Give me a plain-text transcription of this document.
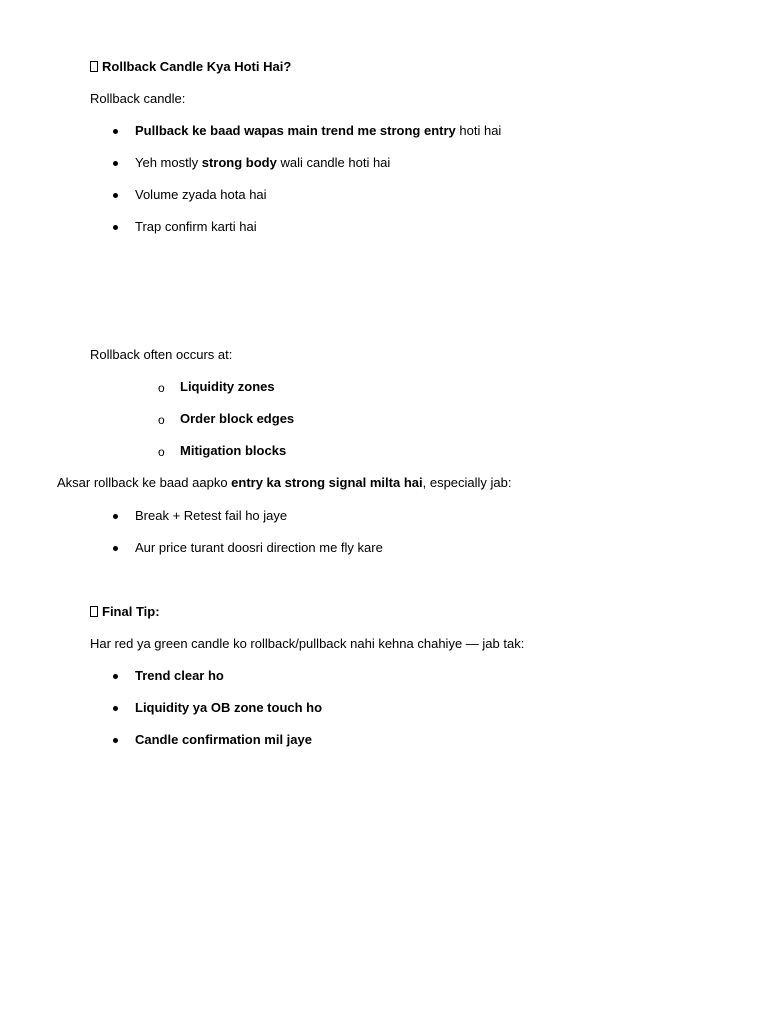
Rollback Candle Kya Hoti Hai?
Rollback candle:
Pullback ke baad wapas main trend me strong entry hoti hai
Yeh mostly strong body wali candle hoti hai
Volume zyada hota hai
Trap confirm karti hai
Rollback often occurs at:
o Liquidity zones
o Order block edges
o Mitigation blocks
Aksar rollback ke baad aapko entry ka strong signal milta hai, especially jab:
Break + Retest fail ho jaye
Aur price turant doosri direction me fly kare
Final Tip:
Har red ya green candle ko rollback/pullback nahi kehna chahiye — jab tak:
Trend clear ho
Liquidity ya OB zone touch ho
Candle confirmation mil jaye
